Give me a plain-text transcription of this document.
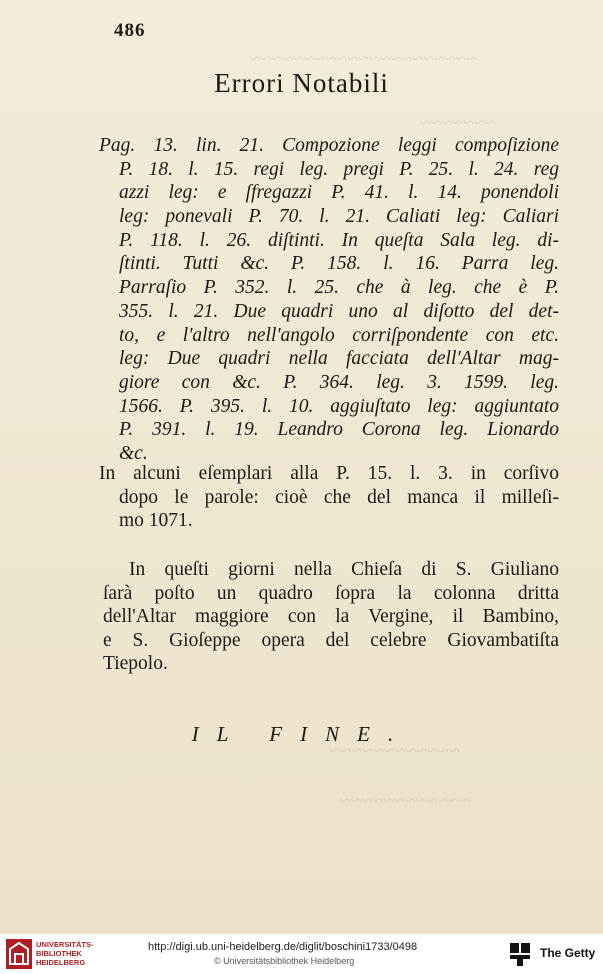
~~~~~~~~~~~~~~~~~~~~~
~~~~~~~
~~~~~~~~~~~~
~~~~~~~~~~~~
486
Errori Notabili
Pag. 13. lin. 21. Compozione leggi compoſizione
P. 18. l. 15. regi leg. pregi P. 25. l. 24. reg
azzi leg: e ſfregazzi P. 41. l. 14. ponendoli
leg: ponevali P. 70. l. 21. Caliati leg: Caliari
P. 118. l. 26. diſtinti. In queſta Sala leg. di-
ſtinti. Tutti &c. P. 158. l. 16. Parra leg.
Parraſio P. 352. l. 25. che à leg. che è P.
355. l. 21. Due quadri uno al diſotto del det-
to, e l'altro nell'angolo corriſpondente con etc.
leg: Due quadri nella facciata dell'Altar mag-
giore con &c. P. 364. leg. 3. 1599. leg.
1566. P. 395. l. 10. aggiuſtato leg: aggiuntato
P. 391. l. 19. Leandro Corona leg. Lionardo
&c.
In alcuni eſemplari alla P. 15. l. 3. in corſivo
dopo le parole: cioè che del manca il milleſi-
mo 1071.
In queſti giorni nella Chieſa di S. Giuliano
ſarà poſto un quadro ſopra la colonna dritta
dell'Altar maggiore con la Vergine, il Bambino,
e S. Gioſeppe opera del celebre Giovambatiſta
Tiepolo.
IL FINE.
UNIVERSITÄTS-
BIBLIOTHEK
HEIDELBERG
http://digi.ub.uni-heidelberg.de/diglit/boschini1733/0498
© Universitätsbibliothek Heidelberg
The Getty
